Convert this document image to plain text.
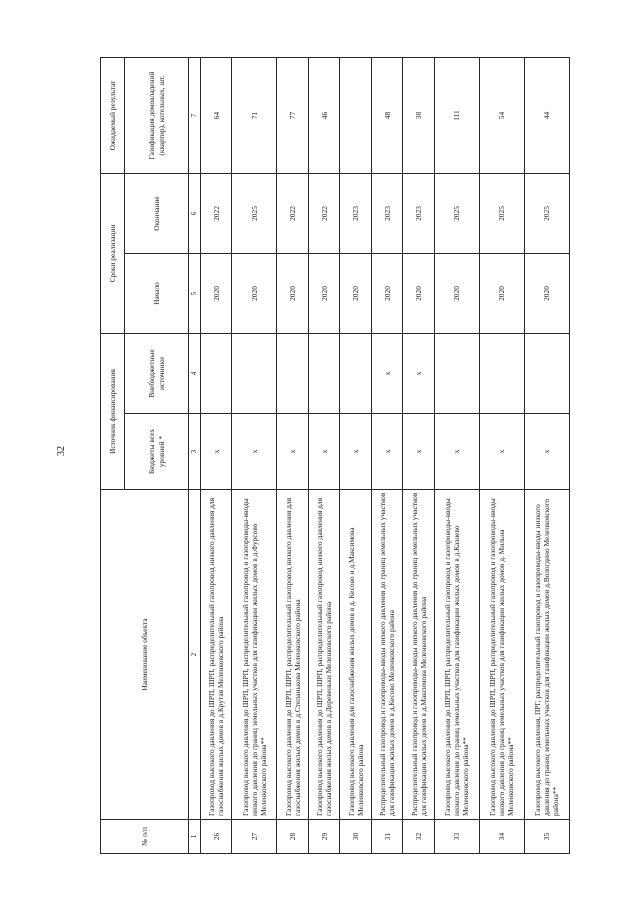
32
№ п/п	Наименование объекта	Источник финансирования		Сроки реализации		Ожидаемый результат
		Бюджеты всех уровней *	Внебюджетные источники	Начало	Окончание	Газификация домовладений (квартир), котельных, шт.
1	2	3	4	5	6	7
26	Газопровод высокого давления до ШРП, ШРП, распределительный газопровод низкого давления для газоснабжения жилых домов в д.Крутая Меленковского района	x		2020	2022	64
27	Газопровод высокого давления до ШРП, ШРП, распределительный газопровод и газопроводы-вводы низкого давления до границ земельных участков для газификации жилых домов в д.Фурсово Меленковского района**	x		2020	2025	71
28	Газопровод высокого давления до ШРП, ШРП, распределительный газопровод низкого давления для газоснабжения жилых домов в д.Степанькова Меленковского района	x		2020	2022	77
29	Газопровод высокого давления до ШРП, ШРП, распределительный газопровод низкого давления для газоснабжения жилых домов в д.Деревеньки Меленковского района	x		2020	2022	46
30	Газопровод высокого давления для газоснабжения жилых домов в д. Кесово и д.Максимова Меленковского района	x		2020	2023	
31	Распределительный газопровод и газопроводы-вводы низкого давления до границ земельных участков для газификации жилых домов в д.Кесово Меленковского района	x	x	2020	2023	48
32	Распределительный газопровод и газопроводы-вводы низкого давления до границ земельных участков для газификации жилых домов в д.Максимова Меленковского района	x	x	2020	2023	38
33	Газопровод высокого давления до ШРП, ШРП, распределительный газопровод и газопроводы-вводы низкого давления до границ земельных участков для газификации жилых домов в д.Казнево Меленковского района**	x		2020	2025	111
34	Газопровод высокого давления до ШРП, ШРП, распределительный газопровод и газопроводы-вводы низкого давления до границ земельных участков для газификации жилых домов д. Мильна Меленковского района**	x		2020	2025	54
35	Газопровод высокого давления, ПРГ, распределительный газопровод и газопроводы-вводы низкого давления до границ земельных участков для газификации жилых домов д.Вологдино Меленковского района**	x		2020	2025	44
